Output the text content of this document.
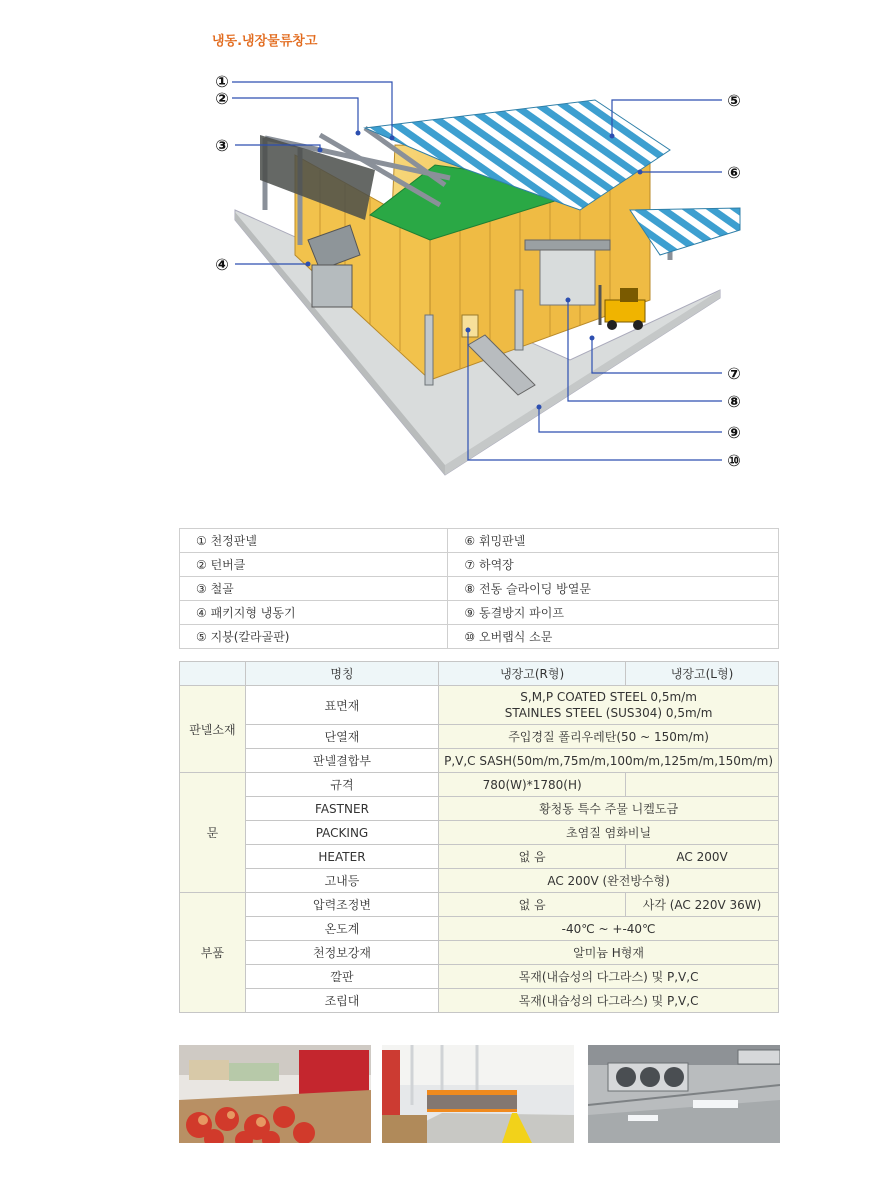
냉동.냉장물류창고
①
②
③
④
⑤
⑥
⑦
⑧
⑨
⑩
① 천정판넬	⑥ 휘밍판넬
② 턴버클	⑦ 하역장
③ 철골	⑧ 전동 슬라이딩 방열문
④ 패키지형 냉동기	⑨ 동결방지 파이프
⑤ 지붕(칼라골판)	⑩ 오버랩식 소문
	명칭	냉장고(R형)	냉장고(L형)
판넬소재	표면재	S,M,P COATED STEEL 0,5m/m
STAINLES STEEL (SUS304) 0,5m/m	

	단열재	주입경질 폴리우레탄(50 ~ 150m/m)	
	판넬결합부	P,V,C SASH(50m/m,75m/m,100m/m,125m/m,150m/m)	
문	규격	780(W)*1780(H)	
	FASTNER	황청동 특수 주물 니켈도금	
	PACKING	초염질 염화비닐	
	HEATER	없 음	AC 200V
	고내등	AC 200V (완전방수형)	
부품	압력조정변	없 음	사각 (AC 220V 36W)
	온도계	-40℃ ~ +-40℃	
	천정보강재	알미늄 H형재	
	깔판	목재(내습성의 다그라스) 및 P,V,C	
	조립대	목재(내습성의 다그라스) 및 P,V,C	
